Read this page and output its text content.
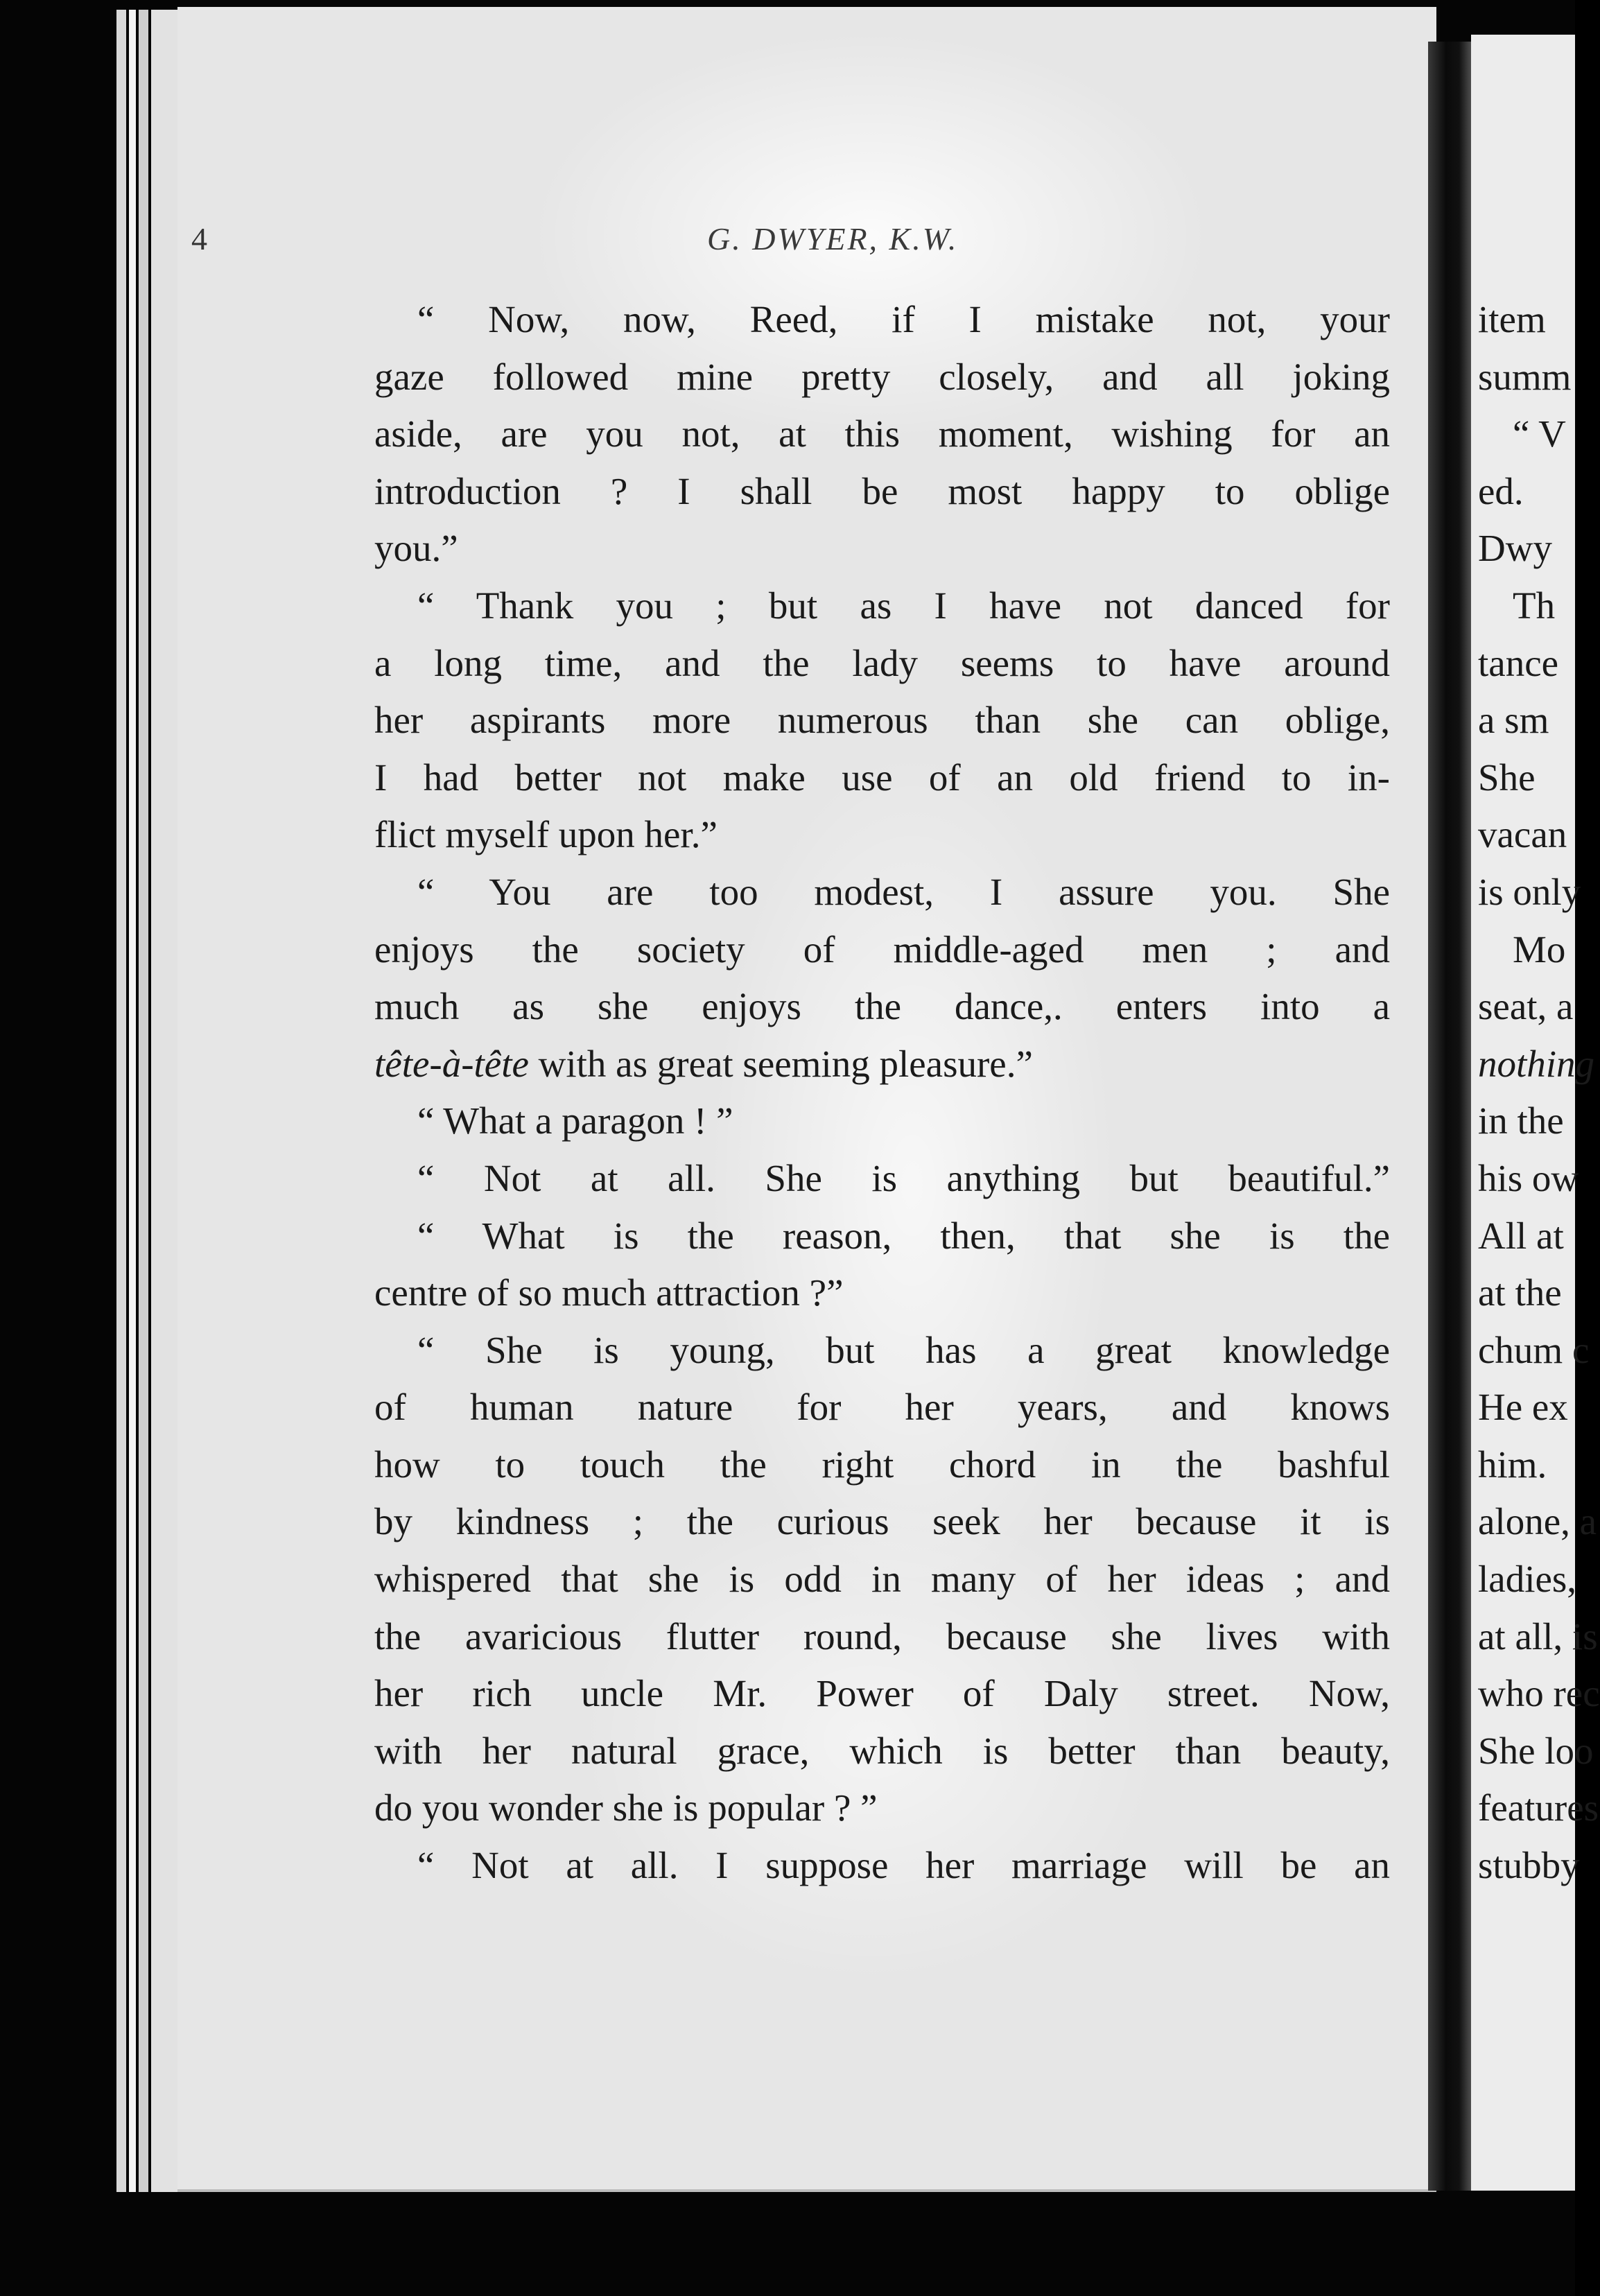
4	G. DWYER, K.W.
“ Now, now, Reed, if I mistake not, your
gaze followed mine pretty closely, and all joking
aside, are you not, at this moment, wishing for an
introduction ? I shall be most happy to oblige
you.”
“ Thank you ; but as I have not danced for
a long time, and the lady seems to have around
her aspirants more numerous than she can oblige,
I had better not make use of an old friend to in-
flict myself upon her.”
“ You are too modest, I assure you. She
enjoys the society of middle-aged men ; and
much as she enjoys the dance,. enters into a
tête-à-tête with as great seeming pleasure.”
“ What a paragon ! ”
“ Not at all. She is anything but beautiful.”
“ What is the reason, then, that she is the
centre of so much attraction ?”
“ She is young, but has a great knowledge
of human nature for her years, and knows
how to touch the right chord in the bashful
by kindness ; the curious seek her because it is
whispered that she is odd in many of her ideas ; and
the avaricious flutter round, because she lives with
her rich uncle Mr. Power of Daly street. Now,
with her natural grace, which is better than beauty,
do you wonder she is popular ? ”
“ Not at all. I suppose her marriage will be an
item
summ
“ V
ed.
Dwy
Th
tance
a sm
She
vacan
is only
Mo
seat, a
nothing
in the
his ow
All at
at the
chum c
He ex
him.
alone, a
ladies,
at all, is
who rec
She loo
features
stubby
